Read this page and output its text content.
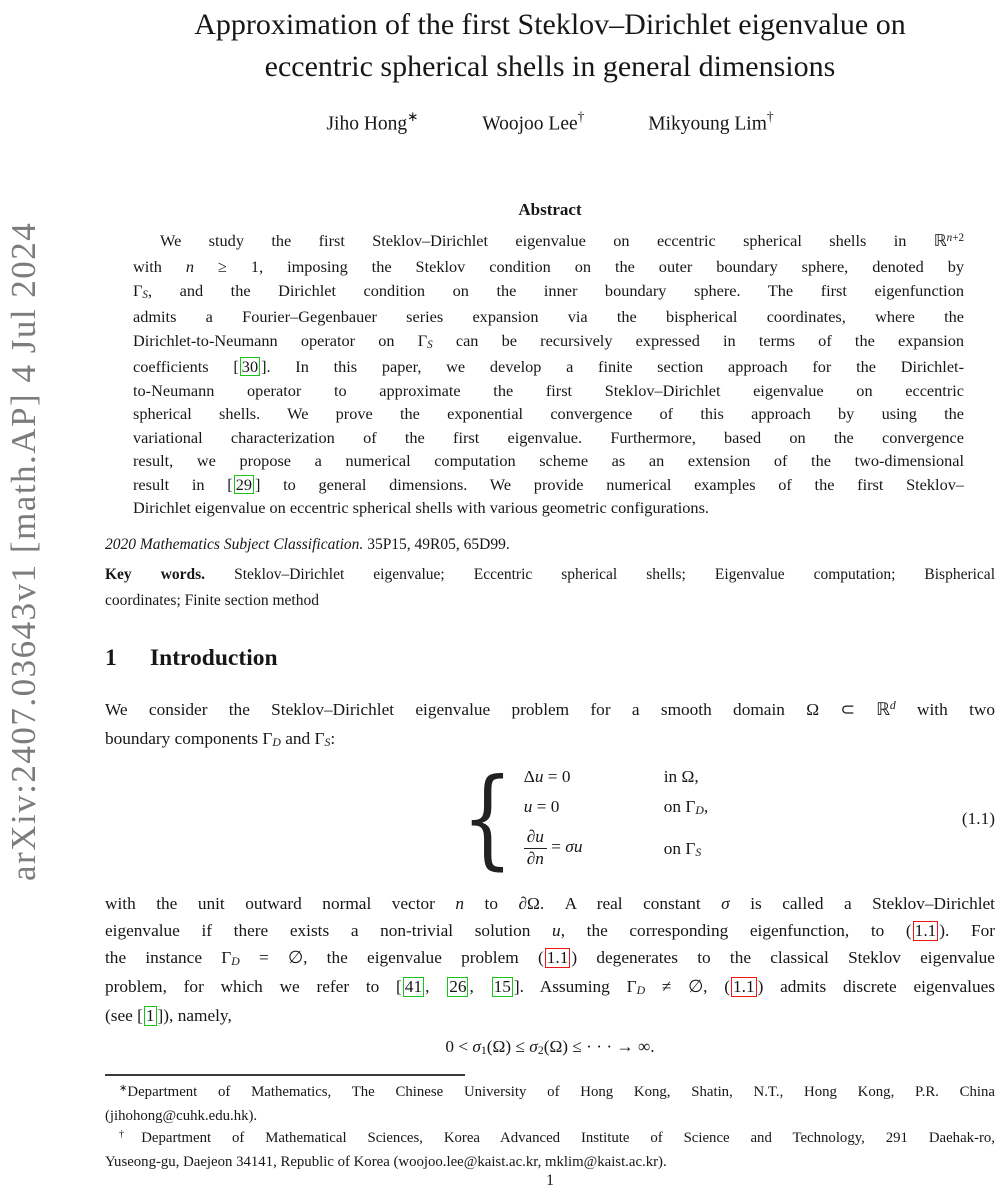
arXiv:2407.03643v1 [math.AP] 4 Jul 2024
Approximation of the first Steklov–Dirichlet eigenvalue on
eccentric spherical shells in general dimensions
Jiho Hong∗	Woojoo Lee†	Mikyoung Lim†
Abstract
We study the first Steklov–Dirichlet eigenvalue on eccentric spherical shells in ℝ$^{n+2}$
with n ≥ 1, imposing the Steklov condition on the outer boundary sphere, denoted by
ΓS, and the Dirichlet condition on the inner boundary sphere. The first eigenfunction
admits a Fourier–Gegenbauer series expansion via the bispherical coordinates, where the
Dirichlet-to-Neumann operator on ΓS can be recursively expressed in terms of the expansion
coefficients [ 30 ]. In this paper, we develop a finite section approach for the Dirichlet-
to-Neumann operator to approximate the first Steklov–Dirichlet eigenvalue on eccentric
spherical shells. We prove the exponential convergence of this approach by using the
variational characterization of the first eigenvalue. Furthermore, based on the convergence
result, we propose a numerical computation scheme as an extension of the two-dimensional
result in [ 29 ] to general dimensions. We provide numerical examples of the first Steklov–
Dirichlet eigenvalue on eccentric spherical shells with various geometric configurations.
2020 Mathematics Subject Classification. 35P15, 49R05, 65D99.
Key words. Steklov–Dirichlet eigenvalue; Eccentric spherical shells; Eigenvalue computation; Bispherical
coordinates; Finite section method
1	Introduction
We consider the Steklov–Dirichlet eigenvalue problem for a smooth domain Ω ⊂ ℝ$^d$ with two
boundary components ΓD and ΓS:
{ Δu = 0	in Ω,
u = 0	on ΓD,
$\frac{\partial u}{\partial n} = \sigma u$	on ΓS
(1.1)
with the unit outward normal vector n to ∂Ω. A real constant σ is called a Steklov–Dirichlet
eigenvalue if there exists a non-trivial solution u, the corresponding eigenfunction, to ( 1.1 ). For
the instance ΓD = ∅, the eigenvalue problem ( 1.1 ) degenerates to the classical Steklov eigenvalue
problem, for which we refer to [ 41 , 26 , 15 ]. Assuming ΓD ≠ ∅, ( 1.1 ) admits discrete eigenvalues
(see [ 1 ]), namely,
0 < σ1(Ω) ≤ σ2(Ω) ≤ · · · → ∞.
∗Department of Mathematics, The Chinese University of Hong Kong, Shatin, N.T., Hong Kong, P.R. China
(jihohong@cuhk.edu.hk).
†Department of Mathematical Sciences, Korea Advanced Institute of Science and Technology, 291 Daehak-ro,
Yuseong-gu, Daejeon 34141, Republic of Korea (woojoo.lee@kaist.ac.kr, mklim@kaist.ac.kr).
1
